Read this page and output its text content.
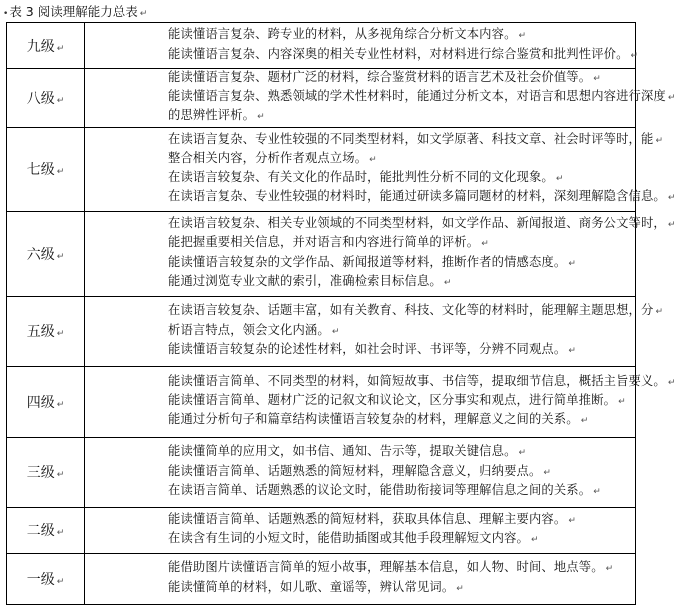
•表 3 阅读理解能力总表 ↵
九级 ↵	能读懂语言复杂、跨专业的材料，从多视角综合分析文本内容。 ↵
能读懂语言复杂、内容深奥的相关专业性材料，对材料进行综合鉴赏和批判性评价。 ↵

八级 ↵	能读懂语言复杂、题材广泛的材料，综合鉴赏材料的语言艺术及社会价值等。 ↵
能读懂语言复杂、熟悉领域的学术性材料时，能通过分析文本，对语言和思想内容进行深度 ↵
的思辨性评析。 ↵

七级 ↵	在读语言复杂、专业性较强的不同类型材料，如文学原著、科技文章、社会时评等时，能 ↵
整合相关内容，分析作者观点立场。 ↵
在读语言较复杂、有关文化的作品时，能批判性分析不同的文化现象。 ↵
在读语言复杂、专业性较强的材料时，能通过研读多篇同题材的材料，深刻理解隐含信息。 ↵

六级 ↵	在读语言较复杂、相关专业领域的不同类型材料，如文学作品、新闻报道、商务公文等时， ↵
能把握重要相关信息，并对语言和内容进行简单的评析。 ↵
能读懂语言较复杂的文学作品、新闻报道等材料，推断作者的情感态度。 ↵
能通过浏览专业文献的索引，准确检索目标信息。 ↵

五级 ↵	在读语言较复杂、话题丰富，如有关教育、科技、文化等的材料时，能理解主题思想，分 ↵
析语言特点，领会文化内涵。 ↵
能读懂语言较复杂的论述性材料，如社会时评、书评等，分辨不同观点。 ↵

四级 ↵	能读懂语言简单、不同类型的材料，如简短故事、书信等，提取细节信息，概括主旨要义。 ↵
能读懂语言简单、题材广泛的记叙文和议论文，区分事实和观点，进行简单推断。 ↵
能通过分析句子和篇章结构读懂语言较复杂的材料，理解意义之间的关系。 ↵

三级 ↵	能读懂简单的应用文，如书信、通知、告示等，提取关键信息。 ↵
能读懂语言简单、话题熟悉的简短材料，理解隐含意义，归纳要点。 ↵
在读语言简单、话题熟悉的议论文时，能借助衔接词等理解信息之间的关系。 ↵

二级 ↵	能读懂语言简单、话题熟悉的简短材料，获取具体信息、理解主要内容。 ↵
在读含有生词的小短文时，能借助插图或其他手段理解短文内容。 ↵

一级 ↵	能借助图片读懂语言简单的短小故事，理解基本信息，如人物、时间、地点等。 ↵
能读懂简单的材料，如儿歌、童谣等，辨认常见词。 ↵
